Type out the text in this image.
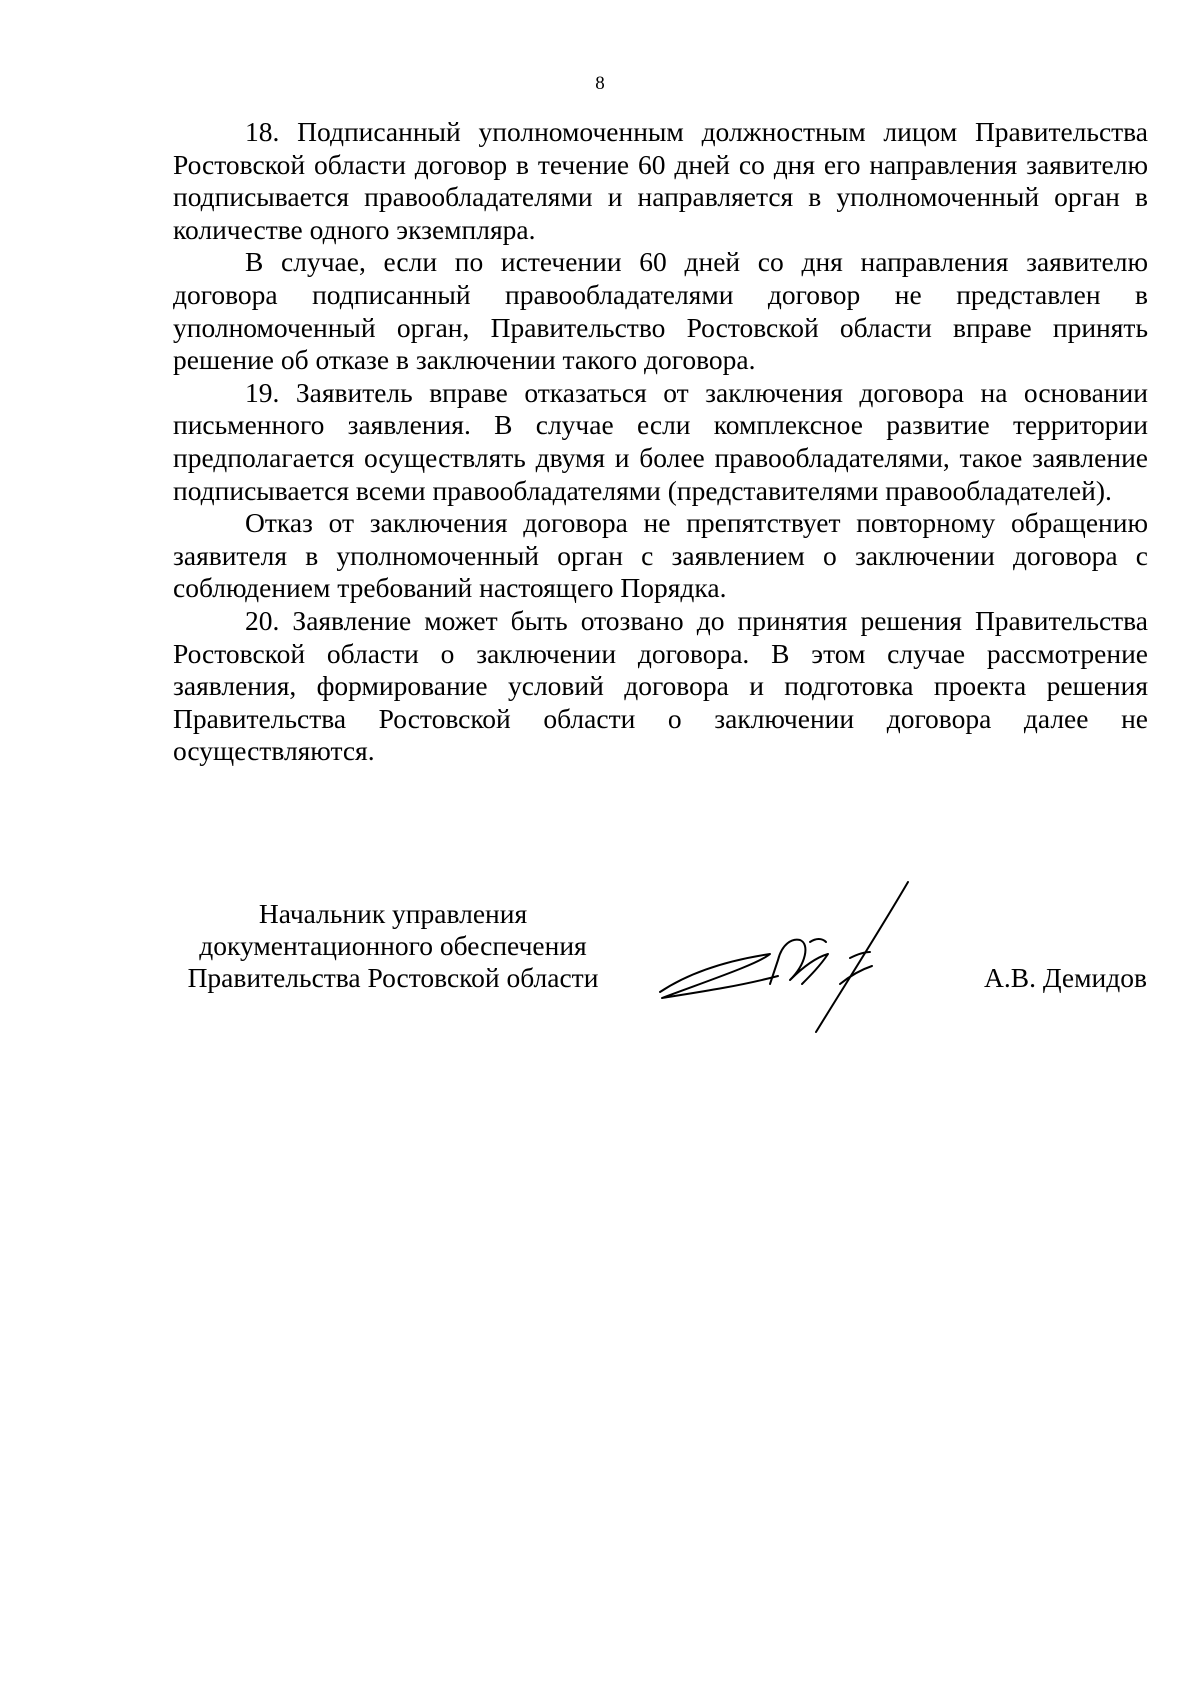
8

18. Подписанный уполномоченным должностным лицом Правительства Ростовской области договор в течение 60 дней со дня его направления заявителю подписывается правообладателями и направляется в уполномоченный орган в количестве одного экземпляра.

В случае, если по истечении 60 дней со дня направления заявителю договора подписанный правообладателями договор не представлен в уполномоченный орган, Правительство Ростовской области вправе принять решение об отказе в заключении такого договора.

19. Заявитель вправе отказаться от заключения договора на основании письменного заявления. В случае если комплексное развитие территории предполагается осуществлять двумя и более правообладателями, такое заявление подписывается всеми правообладателями (представителями правообладателей).

Отказ от заключения договора не препятствует повторному обращению заявителя в уполномоченный орган с заявлением о заключении договора с соблюдением требований настоящего Порядка.

20. Заявление может быть отозвано до принятия решения Правительства Ростовской области о заключении договора. В этом случае рассмотрение заявления, формирование условий договора и подготовка проекта решения Правительства Ростовской области о заключении договора далее не осуществляются.

Начальник управления
документационного обеспечения
Правительства Ростовской области	А.В. Демидов
